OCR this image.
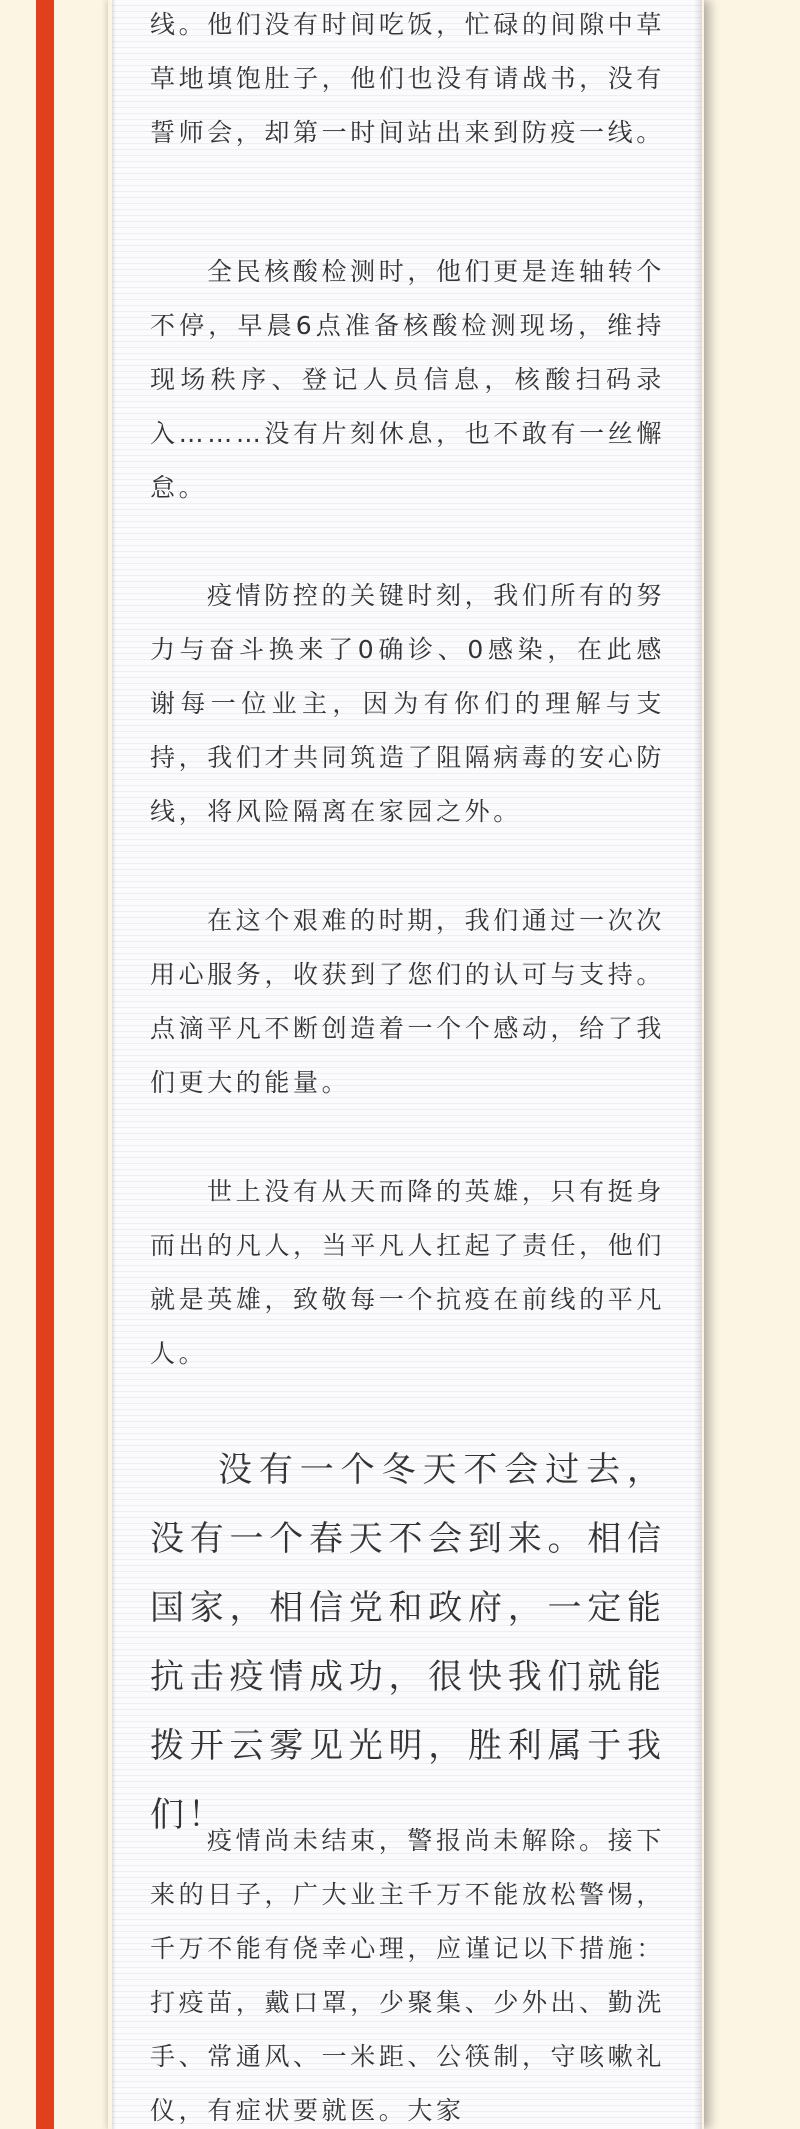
线。他们没有时间吃饭，忙碌的间隙中草草地填饱肚子，他们也没有请战书，没有誓师会，却第一时间站出来到防疫一线。

全民核酸检测时，他们更是连轴转个不停，早晨6点准备核酸检测现场，维持现场秩序、登记人员信息，核酸扫码录入………没有片刻休息，也不敢有一丝懈怠。

疫情防控的关键时刻，我们所有的努力与奋斗换来了0确诊、0感染，在此感谢每一位业主，因为有你们的理解与支持，我们才共同筑造了阻隔病毒的安心防线，将风险隔离在家园之外。

在这个艰难的时期，我们通过一次次用心服务，收获到了您们的认可与支持。点滴平凡不断创造着一个个感动，给了我们更大的能量。

世上没有从天而降的英雄，只有挺身而出的凡人，当平凡人扛起了责任，他们就是英雄，致敬每一个抗疫在前线的平凡人。

没有一个冬天不会过去，没有一个春天不会到来。相信国家，相信党和政府，一定能抗击疫情成功，很快我们就能拨开云雾见光明，胜利属于我们！

疫情尚未结束，警报尚未解除。接下来的日子，广大业主千万不能放松警惕，千万不能有侥幸心理，应谨记以下措施：打疫苗，戴口罩，少聚集、少外出、勤洗手、常通风、一米距、公筷制，守咳嗽礼仪，有症状要就医。大家
